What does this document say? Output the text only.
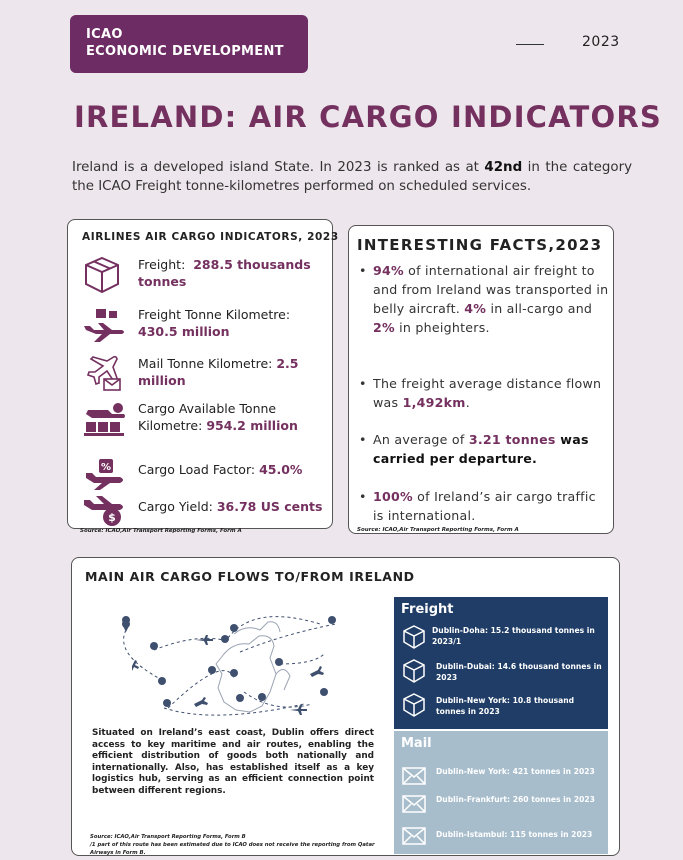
ICAO
ECONOMIC DEVELOPMENT
2023
IRELAND: AIR CARGO INDICATORS

Ireland is a developed island State. In 2023 is ranked as at 42nd in the category the ICAO Freight tonne-kilometres performed on scheduled services.

AIRLINES AIR CARGO INDICATORS, 2023
Freight: 288.5 thousands tonnes
Freight Tonne Kilometre:
430.5 million
Mail Tonne Kilometre: 2.5 million
Cargo Available Tonne Kilometre: 954.2 million
% Cargo Load Factor: 45.0%
$
Cargo Yield: 36.78 US cents
Source: ICAO,Air Transport Reporting Forms, Form A
INTERESTING FACTS,2023
• 94% of international air freight to and from Ireland was transported in belly aircraft. 4% in all-cargo and 2% in pheighters.
• The freight average distance flown was 1,492km.
• An average of 3.21 tonnes was carried per departure.
• 100% of Ireland’s air cargo traffic is international.
Source: ICAO,Air Transport Reporting Forms, Form A
MAIN AIR CARGO FLOWS TO/FROM IRELAND

Situated on Ireland’s east coast, Dublin offers direct access to key maritime and air routes, enabling the efficient distribution of goods both nationally and internationally. Also, has established itself as a key logistics hub, serving as an efficient connection point between different regions.

Source: ICAO,Air Transport Reporting Forms, Form B
/1 part of this route has been estimated due to ICAO does not receive the reporting from Qatar Airways in Form B.
Freight
Dublin-Doha: 15.2 thousand tonnes in 2023/1
Dublin-Dubai: 14.6 thousand tonnes in 2023
Dublin-New York: 10.8 thousand tonnes in 2023
Mail
Dublin-New York: 421 tonnes in 2023
Dublin-Frankfurt: 260 tonnes in 2023
Dublin-Istambul: 115 tonnes in 2023
